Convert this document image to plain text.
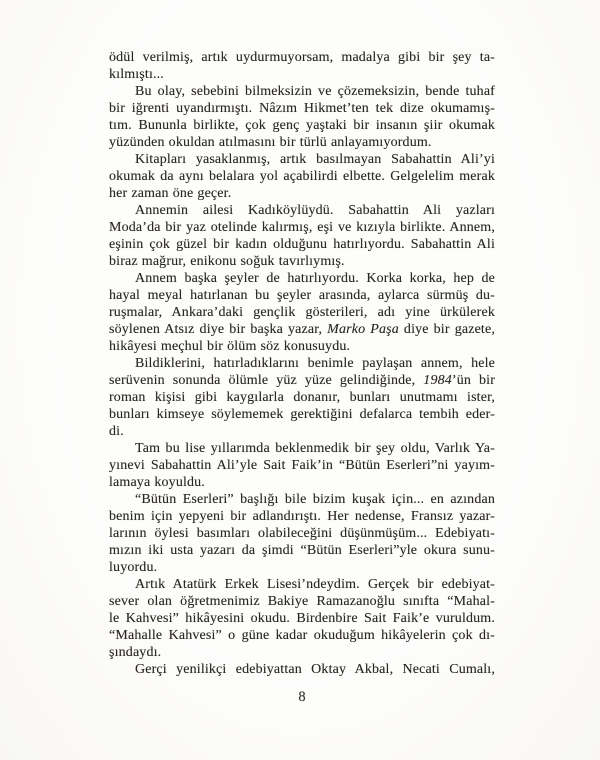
ödül verilmiş, artık uydurmuyorsam, madalya gibi bir şey ta-
kılmıştı...
Bu olay, sebebini bilmeksizin ve çözemeksizin, bende tuhaf
bir iğrenti uyandırmıştı. Nâzım Hikmet’ten tek dize okumamış-
tım. Bununla birlikte, çok genç yaştaki bir insanın şiir okumak
yüzünden okuldan atılmasını bir türlü anlayamıyordum.
Kitapları yasaklanmış, artık basılmayan Sabahattin Ali’yi
okumak da aynı belalara yol açabilirdi elbette. Gelgelelim merak
her zaman öne geçer.
Annemin ailesi Kadıköylüydü. Sabahattin Ali yazları
Moda’da bir yaz otelinde kalırmış, eşi ve kızıyla birlikte. Annem,
eşinin çok güzel bir kadın olduğunu hatırlıyordu. Sabahattin Ali
biraz mağrur, enikonu soğuk tavırlıymış.
Annem başka şeyler de hatırlıyordu. Korka korka, hep de
hayal meyal hatırlanan bu şeyler arasında, aylarca sürmüş du-
ruşmalar, Ankara’daki gençlik gösterileri, adı yine ürkülerek
söylenen Atsız diye bir başka yazar, Marko Paşa diye bir gazete,
hikâyesi meçhul bir ölüm söz konusuydu.
Bildiklerini, hatırladıklarını benimle paylaşan annem, hele
serüvenin sonunda ölümle yüz yüze gelindiğinde, 1984’ün bir
roman kişisi gibi kaygılarla donanır, bunları unutmamı ister,
bunları kimseye söylememek gerektiğini defalarca tembih eder-
di.
Tam bu lise yıllarımda beklenmedik bir şey oldu, Varlık Ya-
yınevi Sabahattin Ali’yle Sait Faik’in “Bütün Eserleri”ni yayım-
lamaya koyuldu.
“Bütün Eserleri” başlığı bile bizim kuşak için... en azından
benim için yepyeni bir adlandırıştı. Her nedense, Fransız yazar-
larının öylesi basımları olabileceğini düşünmüşüm... Edebiyatı-
mızın iki usta yazarı da şimdi “Bütün Eserleri”yle okura sunu-
luyordu.
Artık Atatürk Erkek Lisesi’ndeydim. Gerçek bir edebiyat-
sever olan öğretmenimiz Bakiye Ramazanoğlu sınıfta “Mahal-
le Kahvesi” hikâyesini okudu. Birdenbire Sait Faik’e vuruldum.
“Mahalle Kahvesi” o güne kadar okuduğum hikâyelerin çok dı-
şındaydı.
Gerçi yenilikçi edebiyattan Oktay Akbal, Necati Cumalı,
8
